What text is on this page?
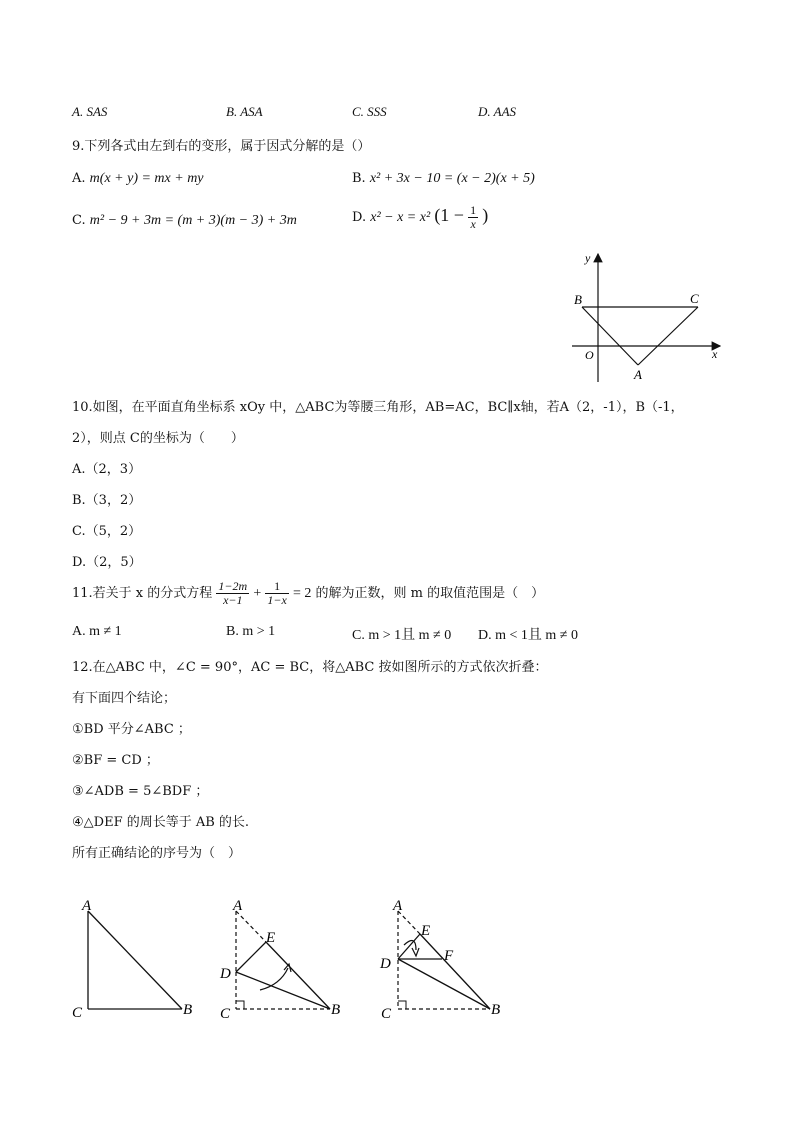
A. SAS	B. ASA	C. SSS	D. AAS
9.下列各式由左到右的变形，属于因式分解的是（）
A. m(x + y) = mx + my	B. x² + 3x − 10 = (x − 2)(x + 5)
C. m² − 9 + 3m = (m + 3)(m − 3) + 3m	D. x² − x = x² ($1 - \frac{1}{x}$ )
y
x
B	C
O
A
10.如图，在平面直角坐标系 xOy 中，△ABC为等腰三角形，AB=AC，BC∥x轴，若A（2，-1），B（-1，
2），则点 C的坐标为（　　）
A.（2，3）
B.（3，2）
C.（5，2）
D.（2，5）
11.若关于 x 的分式方程 $\frac{1-2m}{x-1} + \frac{1}{1-x} = 2$ 的解为正数，则 m 的取值范围是（　）
A. m ≠ 1	B. m > 1	C. m > 1且 m ≠ 0 D. m < 1且 m ≠ 0
12.在△ABC 中，∠C = 90°，AC = BC，将△ABC 按如图所示的方式依次折叠：
有下面四个结论；
①BD 平分∠ABC ；
②BF = CD ；
③∠ADB = 5∠BDF ；
④△DEF 的周长等于 AB 的长.
所有正确结论的序号为（　）
A
C	B
A
E
D
C	B
A
E
F
D
C	B
